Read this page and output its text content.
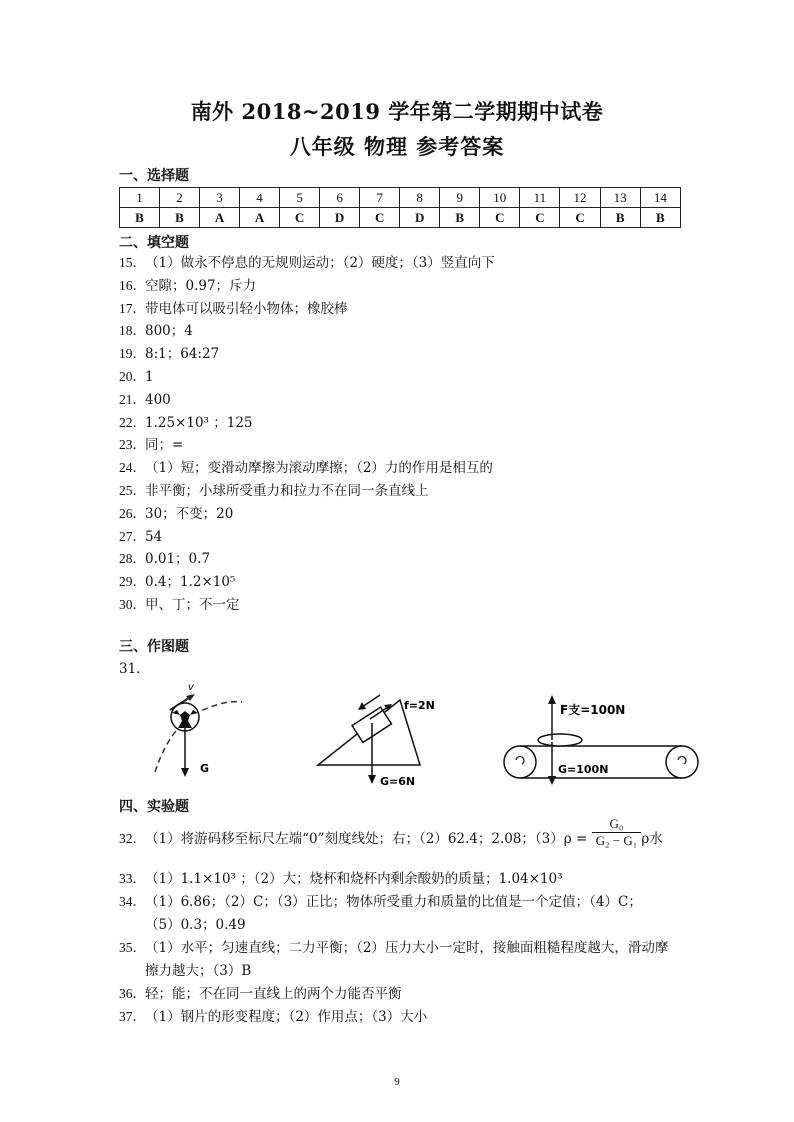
南外 2018~2019 学年第二学期期中试卷
八年级 物理 参考答案
一、选择题
1	2	3	4	5	6	7	8	9	10	11	12	13	14
B	B	A	A	C	D	C	D	B	C	C	C	B	B
二、填空题
15．（1）做永不停息的无规则运动；（2）硬度；（3）竖直向下
16．空隙；0.97；斥力
17．带电体可以吸引轻小物体；橡胶棒
18．800；4
19．8:1；64:27
20．1
21．400
22．1.25×10³ ；125
23．同；=
24．（1）短；变滑动摩擦为滚动摩擦；（2）力的作用是相互的
25．非平衡；小球所受重力和拉力不在同一条直线上
26．30；不变；20
27．54
28．0.01；0.7
29．0.4；1.2×10⁵
30．甲、丁；不一定
三、作图题
31．
v
G
f=2N
G=6N
F支=100N
G=100N
四、实验题
32．（1）将游码移至标尺左端“0”刻度线处；右；（2）62.4；2.08；$(3)\rho = \frac{\text{G₀}}{\text{G₂ − G₁}}$ ρ水
33．（1）1.1×10³ ；（2）大；烧杯和烧杯内剩余酸奶的质量；1.04×10³
34．（1）6.86；（2）C；（3）正比；物体所受重力和质量的比值是一个定值；（4）C；
（5）0.3；0.49
35．（1）水平；匀速直线；二力平衡；（2）压力大小一定时，接触面粗糙程度越大，滑动摩
擦力越大；（3）B
36．轻；能；不在同一直线上的两个力能否平衡
37．（1）钢片的形变程度；（2）作用点；（3）大小
9
